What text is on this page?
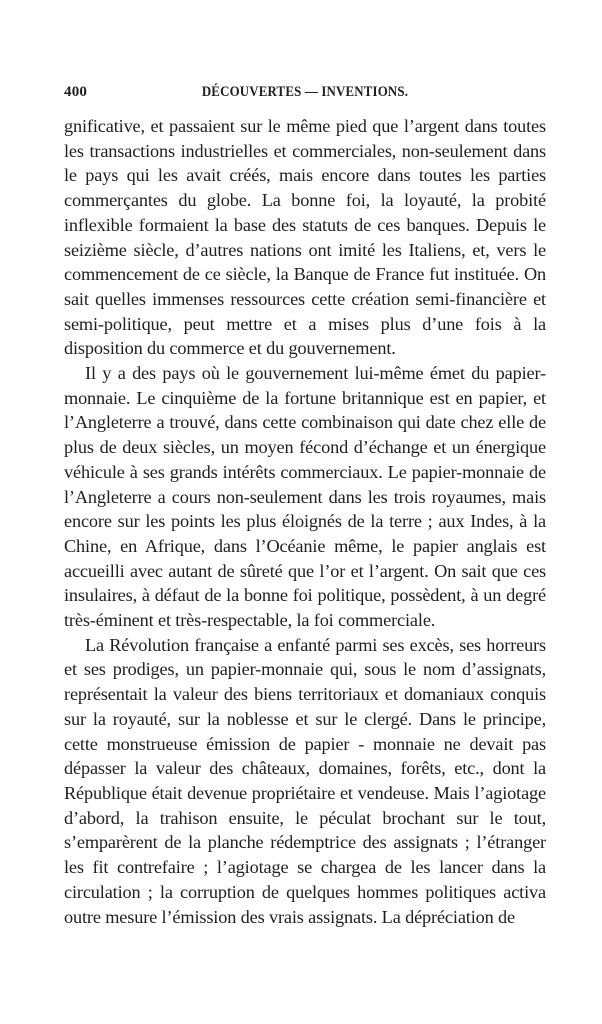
400	DÉCOUVERTES — INVENTIONS.

gnificative, et passaient sur le même pied que l’argent dans toutes les transactions industrielles et commerciales, non-seulement dans le pays qui les avait créés, mais encore dans toutes les parties commerçantes du globe. La bonne foi, la loyauté, la probité inflexible formaient la base des statuts de ces banques. Depuis le seizième siècle, d’autres nations ont imité les Italiens, et, vers le commencement de ce siècle, la Banque de France fut instituée. On sait quelles immenses ressources cette création semi-financière et semi-politique, peut mettre et a mises plus d’une fois à la disposition du commerce et du gouvernement.

Il y a des pays où le gouvernement lui-même émet du papier-monnaie. Le cinquième de la fortune britannique est en papier, et l’Angleterre a trouvé, dans cette combinaison qui date chez elle de plus de deux siècles, un moyen fécond d’échange et un énergique véhicule à ses grands intérêts commerciaux. Le papier-monnaie de l’Angleterre a cours non-seulement dans les trois royaumes, mais encore sur les points les plus éloignés de la terre ; aux Indes, à la Chine, en Afrique, dans l’Océanie même, le papier anglais est accueilli avec autant de sûreté que l’or et l’argent. On sait que ces insulaires, à défaut de la bonne foi politique, possèdent, à un degré très-éminent et très-respectable, la foi commerciale.

La Révolution française a enfanté parmi ses excès, ses horreurs et ses prodiges, un papier-monnaie qui, sous le nom d’assignats, représentait la valeur des biens territoriaux et domaniaux conquis sur la royauté, sur la noblesse et sur le clergé. Dans le principe, cette monstrueuse émission de papier - monnaie ne devait pas dépasser la valeur des châteaux, domaines, forêts, etc., dont la République était devenue propriétaire et vendeuse. Mais l’agiotage d’abord, la trahison ensuite, le péculat brochant sur le tout, s’emparèrent de la planche rédemptrice des assignats ; l’étranger les fit contrefaire ; l’agiotage se chargea de les lancer dans la circulation ; la corruption de quelques hommes politiques activa outre mesure l’émission des vrais assignats. La dépréciation de
